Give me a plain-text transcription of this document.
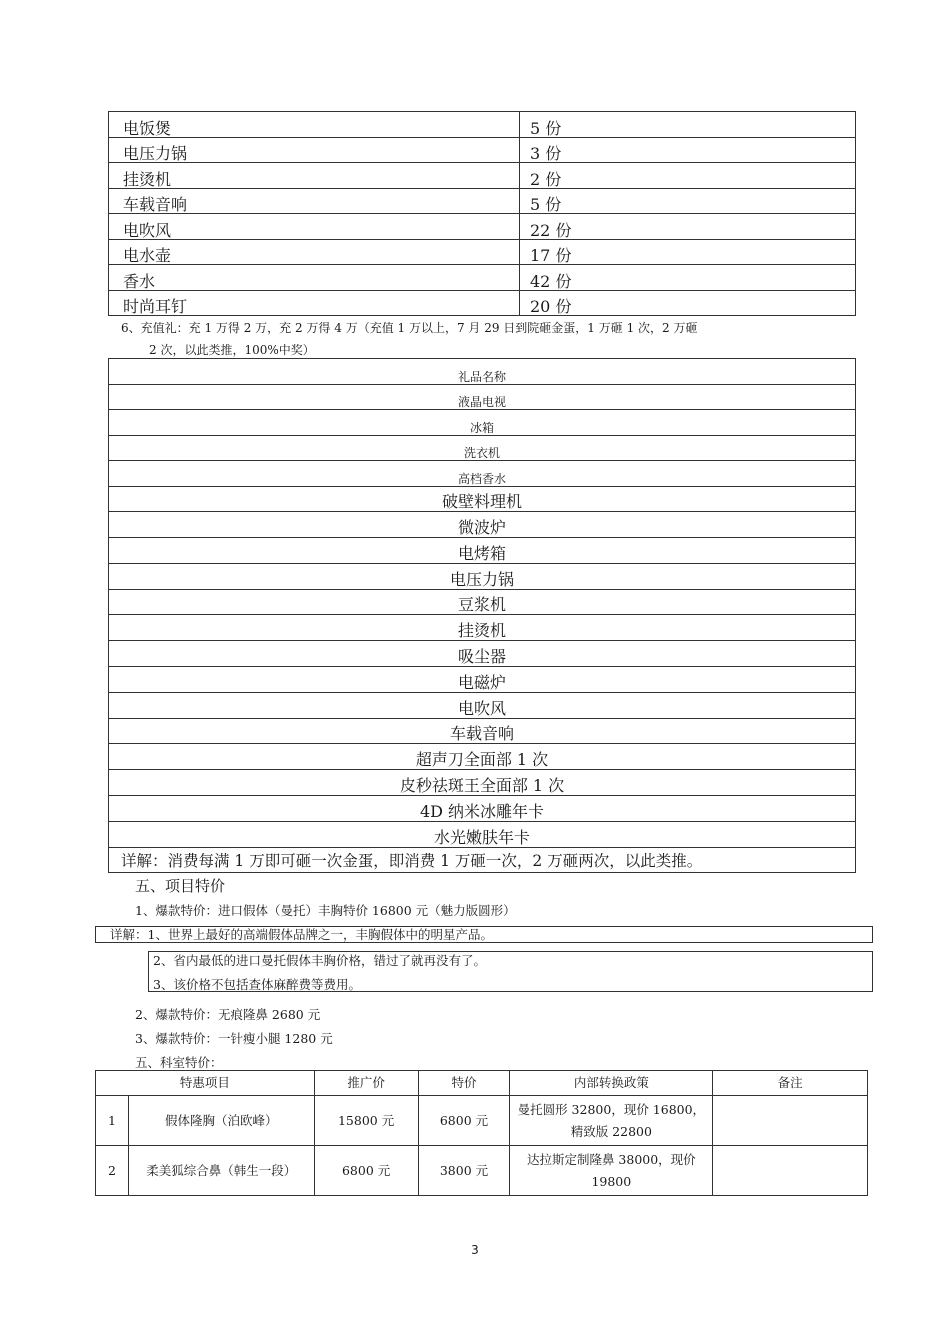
电饭煲	5 份
电压力锅	3 份
挂烫机	2 份
车载音响	5 份
电吹风	22 份
电水壶	17 份
香水	42 份
时尚耳钉	20 份
6、充值礼：充 1 万得 2 万，充 2 万得 4 万（充值 1 万以上，7 月 29 日到院砸金蛋，1 万砸 1 次，2 万砸
2 次，以此类推，100%中奖）
礼品名称
液晶电视
冰箱
洗衣机
高档香水
破壁料理机
微波炉
电烤箱
电压力锅
豆浆机
挂烫机
吸尘器
电磁炉
电吹风
车载音响
超声刀全面部 1 次
皮秒祛斑王全面部 1 次
4D 纳米冰雕年卡
水光嫩肤年卡
详解：消费每满 1 万即可砸一次金蛋，即消费 1 万砸一次，2 万砸两次，以此类推。
五、项目特价
1、爆款特价：进口假体（曼托）丰胸特价 16800 元（魅力版圆形）
详解：1、世界上最好的高端假体品牌之一，丰胸假体中的明星产品。
2、省内最低的进口曼托假体丰胸价格，错过了就再没有了。
3、该价格不包括查体麻醉费等费用。
2、爆款特价：无痕隆鼻 2680 元
3、爆款特价：一针瘦小腿 1280 元
五、科室特价：
特惠项目		推广价	特价	内部转换政策	备注
1	假体隆胸（泊欧峰）	15800 元	6800 元	曼托圆形 32800，现价 16800，
精致版 22800	

2	柔美狐综合鼻（韩生一段）	6800 元	3800 元	达拉斯定制隆鼻 38000，现价
19800	

3
